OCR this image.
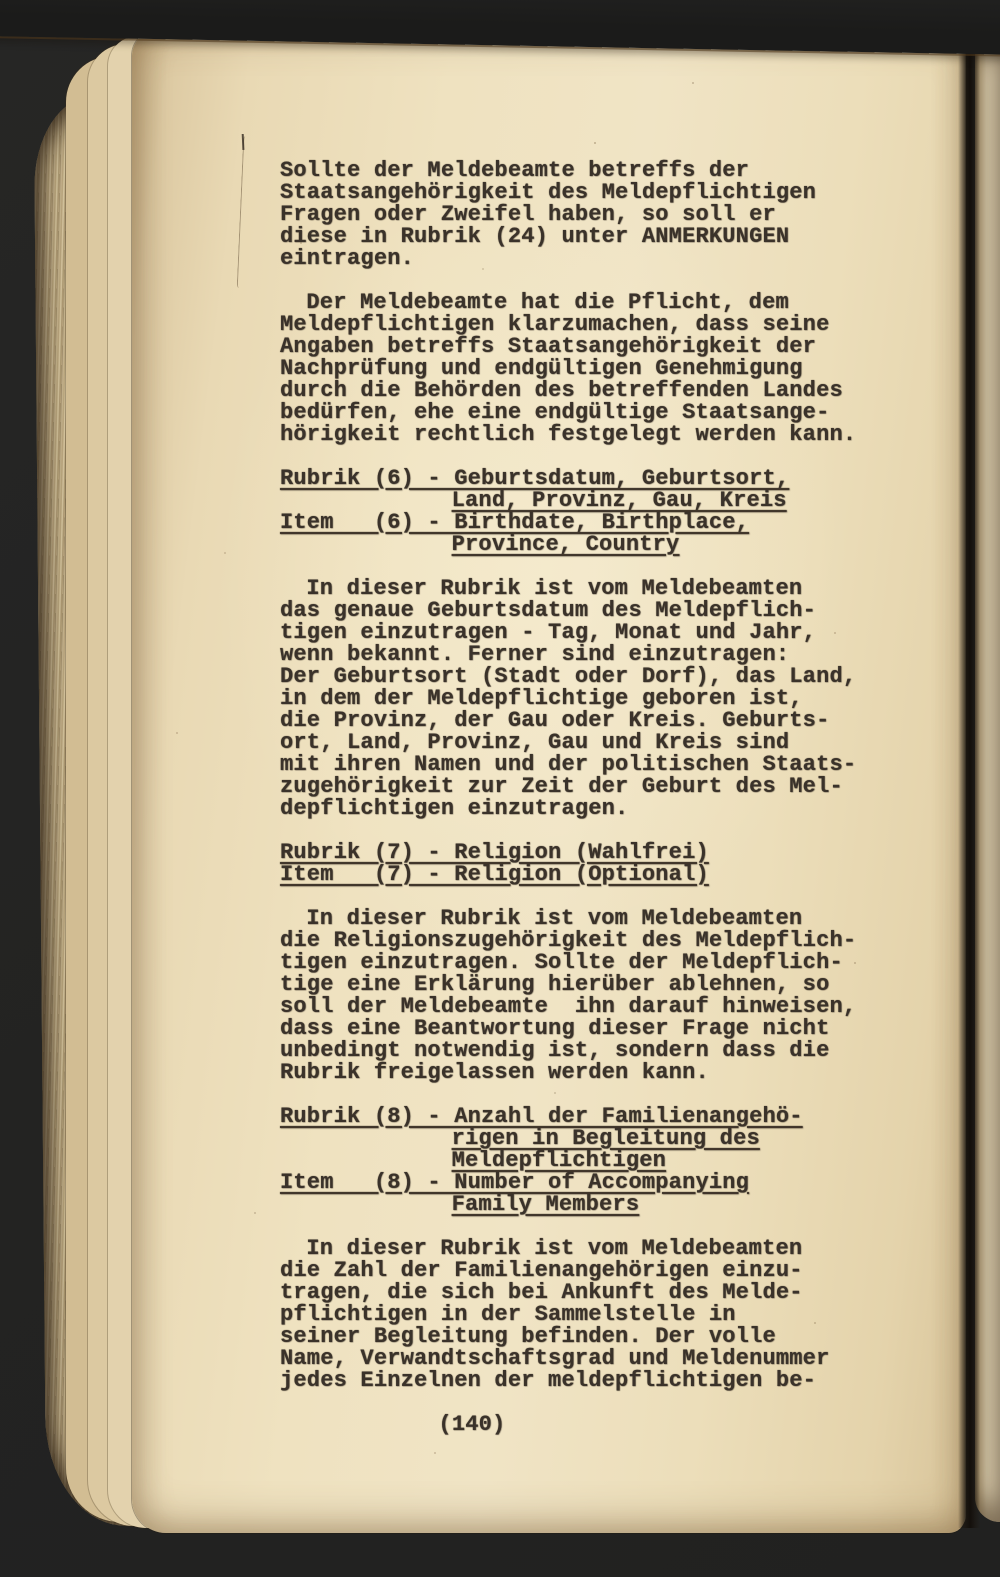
Sollte der Meldebeamte betreffs der
Staatsangehörigkeit des Meldepflichtigen
Fragen oder Zweifel haben, so soll er
diese in Rubrik (24) unter ANMERKUNGEN
eintragen.
Der Meldebeamte hat die Pflicht, dem
Meldepflichtigen klarzumachen, dass seine
Angaben betreffs Staatsangehörigkeit der
Nachprüfung und endgültigen Genehmigung
durch die Behörden des betreffenden Landes
bedürfen, ehe eine endgültige Staatsange-
hörigkeit rechtlich festgelegt werden kann.
Rubrik (6) - Geburtsdatum, Geburtsort,
Land, Provinz, Gau, Kreis
Item   (6) - Birthdate, Birthplace,
Province, Country
In dieser Rubrik ist vom Meldebeamten
das genaue Geburtsdatum des Meldepflich-
tigen einzutragen - Tag, Monat und Jahr,
wenn bekannt. Ferner sind einzutragen:
Der Geburtsort (Stadt oder Dorf), das Land,
in dem der Meldepflichtige geboren ist,
die Provinz, der Gau oder Kreis. Geburts-
ort, Land, Provinz, Gau und Kreis sind
mit ihren Namen und der politischen Staats-
zugehörigkeit zur Zeit der Geburt des Mel-
depflichtigen einzutragen.
Rubrik (7) - Religion (Wahlfrei)
Item   (7) - Religion (Optional)
In dieser Rubrik ist vom Meldebeamten
die Religionszugehörigkeit des Meldepflich-
tigen einzutragen. Sollte der Meldepflich-
tige eine Erklärung hierüber ablehnen, so
soll der Meldebeamte  ihn darauf hinweisen,
dass eine Beantwortung dieser Frage nicht
unbedingt notwendig ist, sondern dass die
Rubrik freigelassen werden kann.
Rubrik (8) - Anzahl der Familienangehö-
rigen in Begleitung des
Meldepflichtigen
Item   (8) - Number of Accompanying
Family Members
In dieser Rubrik ist vom Meldebeamten
die Zahl der Familienangehörigen einzu-
tragen, die sich bei Ankunft des Melde-
pflichtigen in der Sammelstelle in
seiner Begleitung befinden. Der volle
Name, Verwandtschaftsgrad und Meldenummer
jedes Einzelnen der meldepflichtigen be-
(140)
